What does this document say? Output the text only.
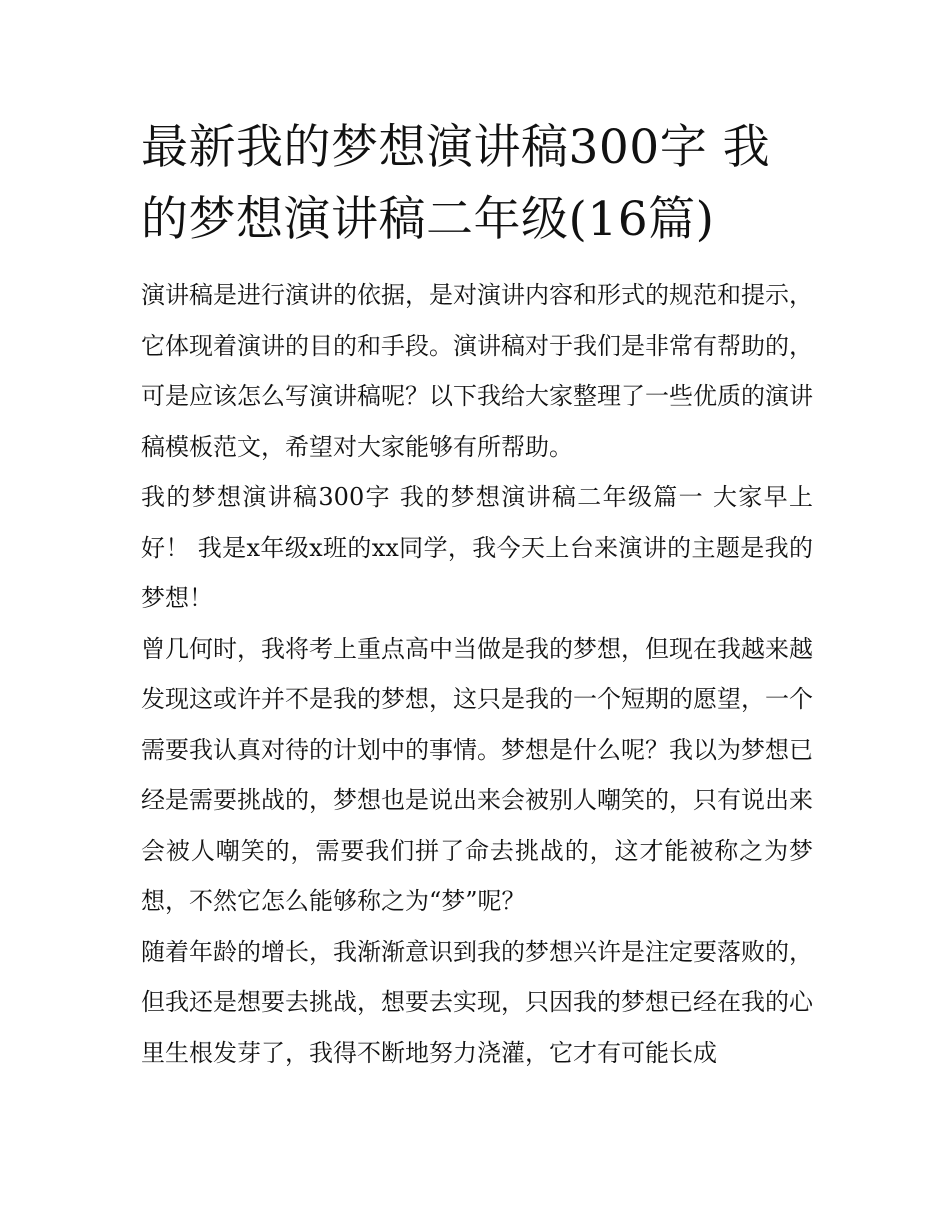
最新我的梦想演讲稿300字 我的梦想演讲稿二年级(16篇)

演讲稿是进行演讲的依据，是对演讲内容和形式的规范和提示，它体现着演讲的目的和手段。演讲稿对于我们是非常有帮助的，可是应该怎么写演讲稿呢？以下我给大家整理了一些优质的演讲稿模板范文，希望对大家能够有所帮助。

我的梦想演讲稿300字 我的梦想演讲稿二年级篇一 大家早上好！ 我是x年级x班的xx同学，我今天上台来演讲的主题是我的梦想！

曾几何时，我将考上重点高中当做是我的梦想，但现在我越来越发现这或许并不是我的梦想，这只是我的一个短期的愿望，一个需要我认真对待的计划中的事情。梦想是什么呢？我以为梦想已经是需要挑战的，梦想也是说出来会被别人嘲笑的，只有说出来会被人嘲笑的，需要我们拼了命去挑战的，这才能被称之为梦想，不然它怎么能够称之为“梦”呢？

随着年龄的增长，我渐渐意识到我的梦想兴许是注定要落败的，但我还是想要去挑战，想要去实现，只因我的梦想已经在我的心里生根发芽了，我得不断地努力浇灌，它才有可能长成
